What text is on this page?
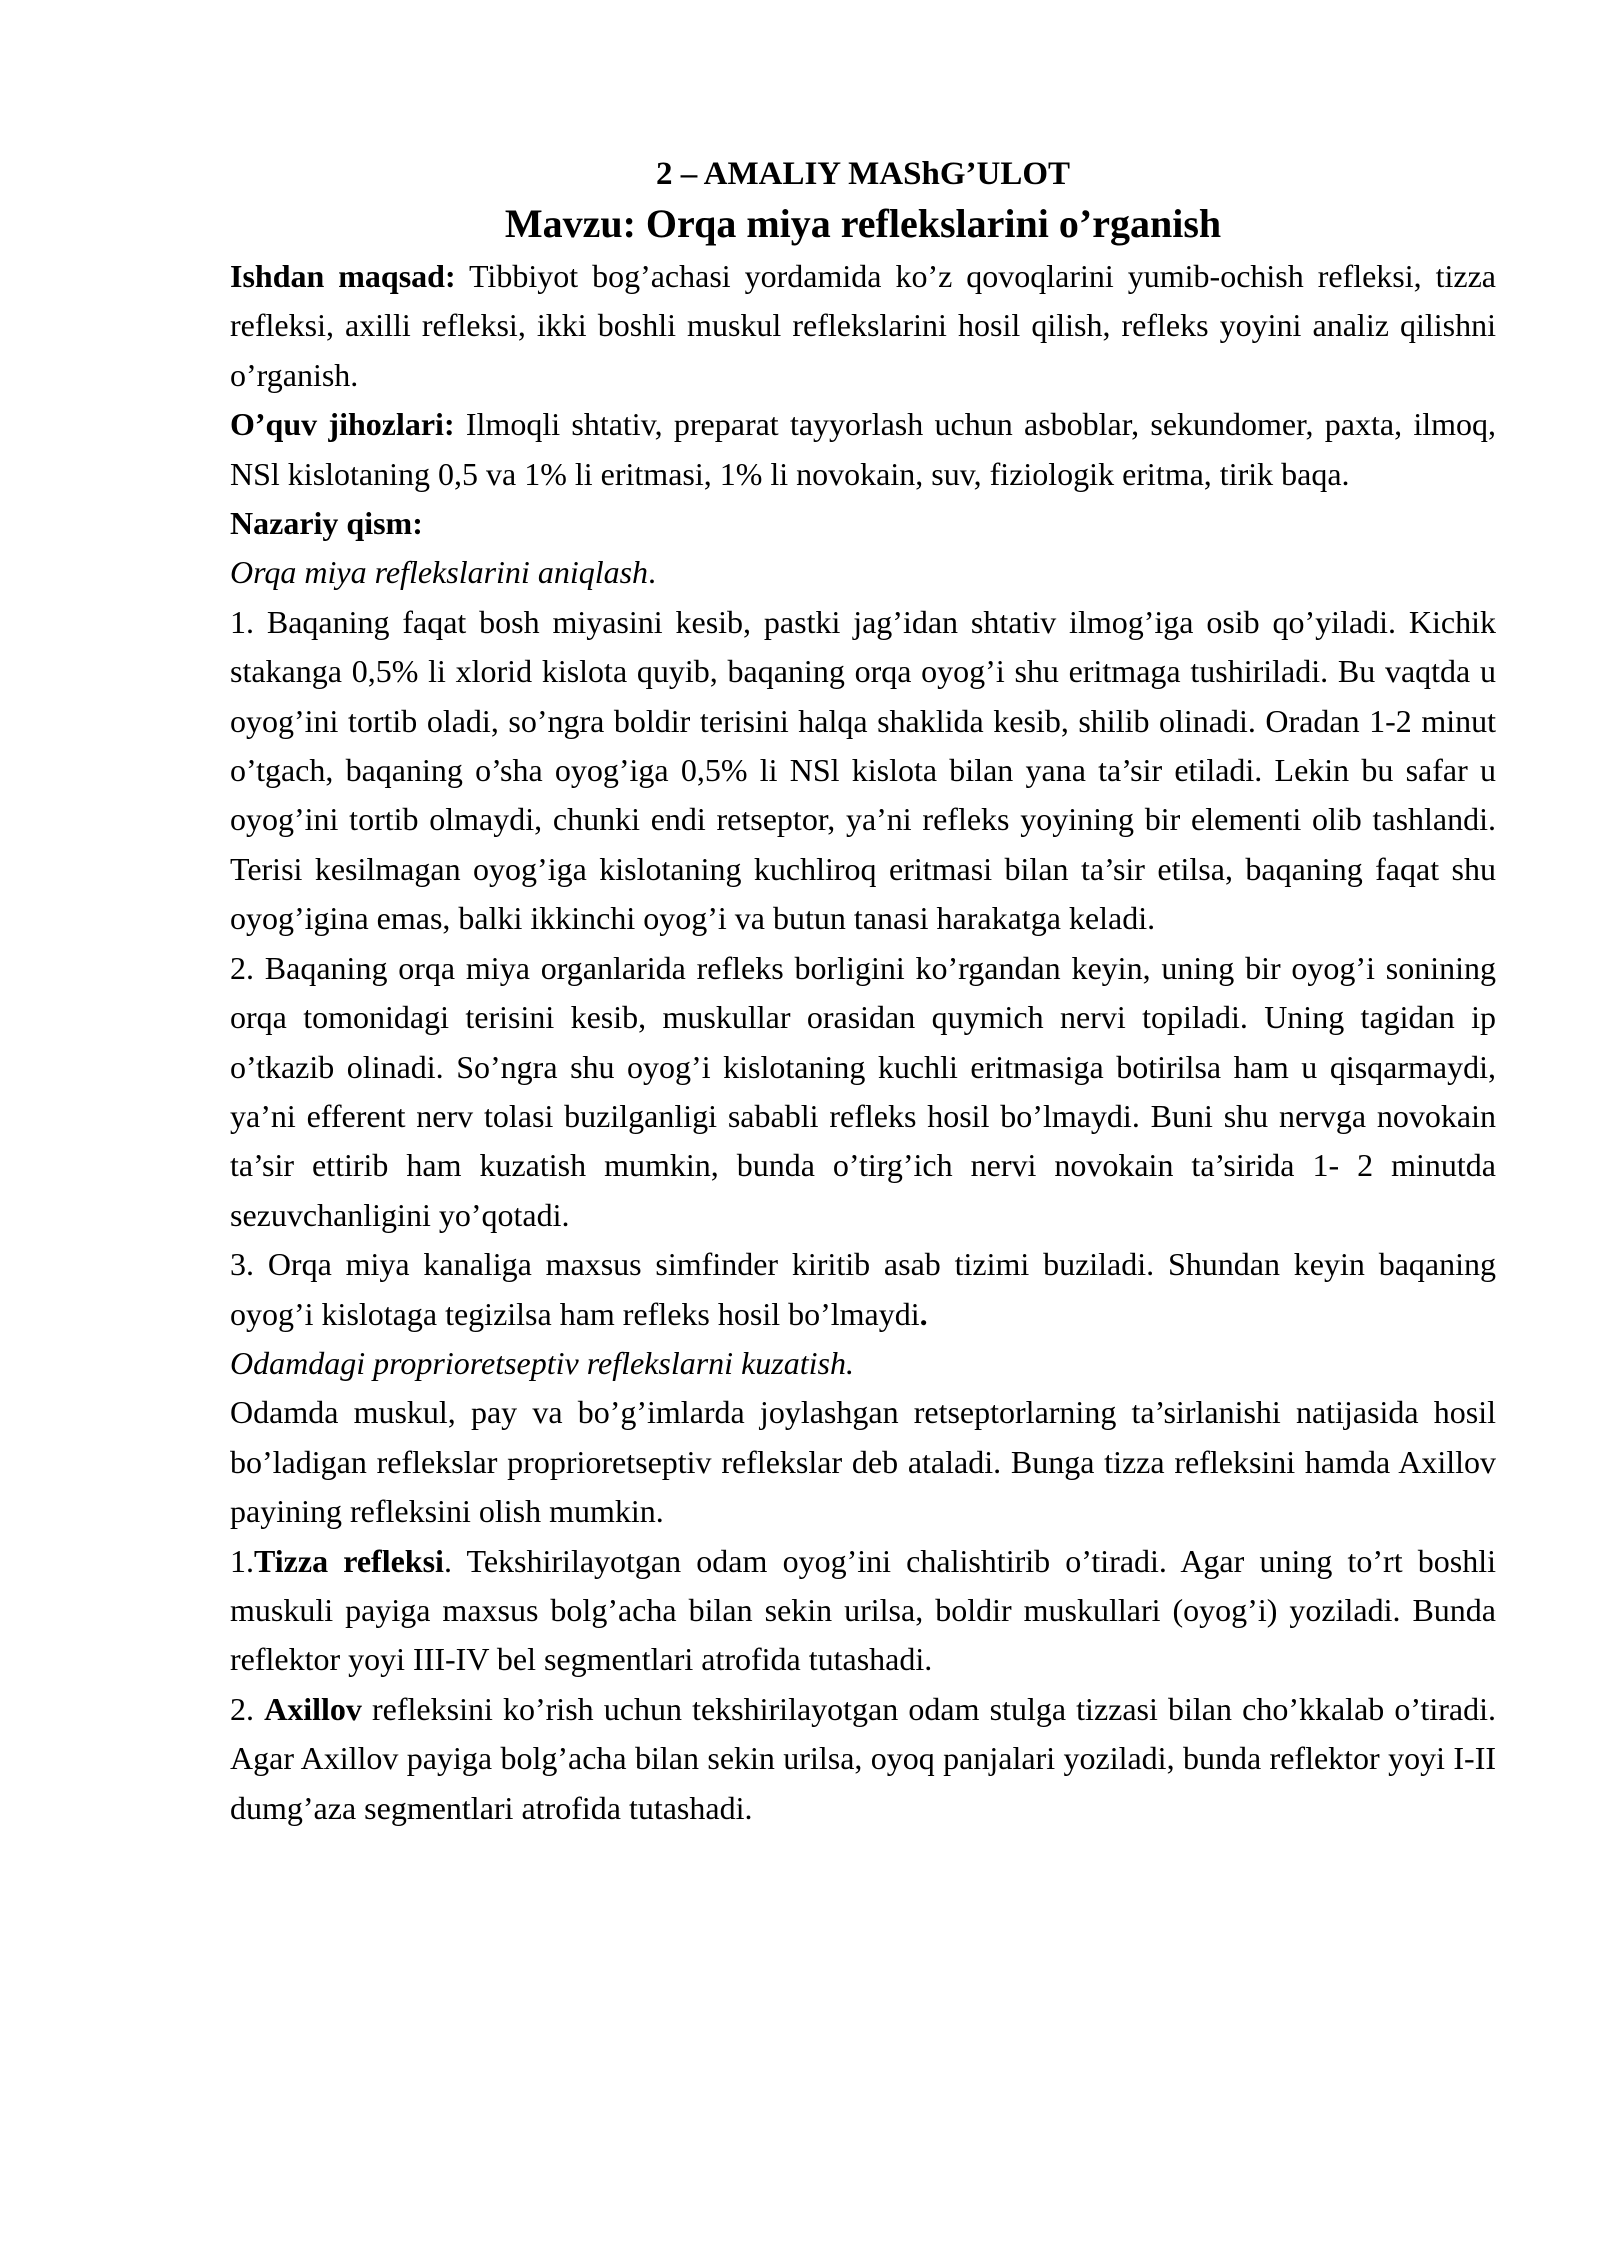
2 – AMALIY MAShG’ULOT
Mavzu: Orqa miya reflekslarini o’rganish

Ishdan maqsad: Tibbiyot bog’achasi yordamida ko’z qovoqlarini yumib-ochish refleksi, tizza refleksi, axilli refleksi, ikki boshli muskul reflekslarini hosil qilish, refleks yoyini analiz qilishni o’rganish.

O’quv jihozlari: Ilmoqli shtativ, preparat tayyorlash uchun asboblar, sekundomer, paxta, ilmoq, NSl kislotaning 0,5 va 1% li eritmasi, 1% li novokain, suv, fiziologik eritma, tirik baqa.

Nazariy qism:

Orqa miya reflekslarini aniqlash.

1. Baqaning faqat bosh miyasini kesib, pastki jag’idan shtativ ilmog’iga osib qo’yiladi. Kichik stakanga 0,5% li xlorid kislota quyib, baqaning orqa oyog’i shu eritmaga tushiriladi. Bu vaqtda u oyog’ini tortib oladi, so’ngra boldir terisini halqa shaklida kesib, shilib olinadi. Oradan 1-2 minut o’tgach, baqaning o’sha oyog’iga 0,5% li NSl kislota bilan yana ta’sir etiladi. Lekin bu safar u oyog’ini tortib olmaydi, chunki endi retseptor, ya’ni refleks yoyining bir elementi olib tashlandi. Terisi kesilmagan oyog’iga kislotaning kuchliroq eritmasi bilan ta’sir etilsa, baqaning faqat shu oyog’igina emas, balki ikkinchi oyog’i va butun tanasi harakatga keladi.

2. Baqaning orqa miya organlarida refleks borligini ko’rgandan keyin, uning bir oyog’i sonining orqa tomonidagi terisini kesib, muskullar orasidan quymich nervi topiladi. Uning tagidan ip o’tkazib olinadi. So’ngra shu oyog’i kislotaning kuchli eritmasiga botirilsa ham u qisqarmaydi, ya’ni efferent nerv tolasi buzilganligi sababli refleks hosil bo’lmaydi. Buni shu nervga novokain ta’sir ettirib ham kuzatish mumkin, bunda o’tirg’ich nervi novokain ta’sirida 1- 2 minutda sezuvchanligini yo’qotadi.

3. Orqa miya kanaliga maxsus simfinder kiritib asab tizimi buziladi. Shundan keyin baqaning oyog’i kislotaga tegizilsa ham refleks hosil bo’lmaydi.

Odamdagi proprioretseptiv reflekslarni kuzatish.

Odamda muskul, pay va bo’g’imlarda joylashgan retseptorlarning ta’sirlanishi natijasida hosil bo’ladigan reflekslar proprioretseptiv reflekslar deb ataladi. Bunga tizza refleksini hamda Axillov payining refleksini olish mumkin.

1.Tizza refleksi. Tekshirilayotgan odam oyog’ini chalishtirib o’tiradi. Agar uning to’rt boshli muskuli payiga maxsus bolg’acha bilan sekin urilsa, boldir muskullari (oyog’i) yoziladi. Bunda reflektor yoyi III-IV bel segmentlari atrofida tutashadi.

2. Axillov refleksini ko’rish uchun tekshirilayotgan odam stulga tizzasi bilan cho’kkalab o’tiradi. Agar Axillov payiga bolg’acha bilan sekin urilsa, oyoq panjalari yoziladi, bunda reflektor yoyi I-II dumg’aza segmentlari atrofida tutashadi.
